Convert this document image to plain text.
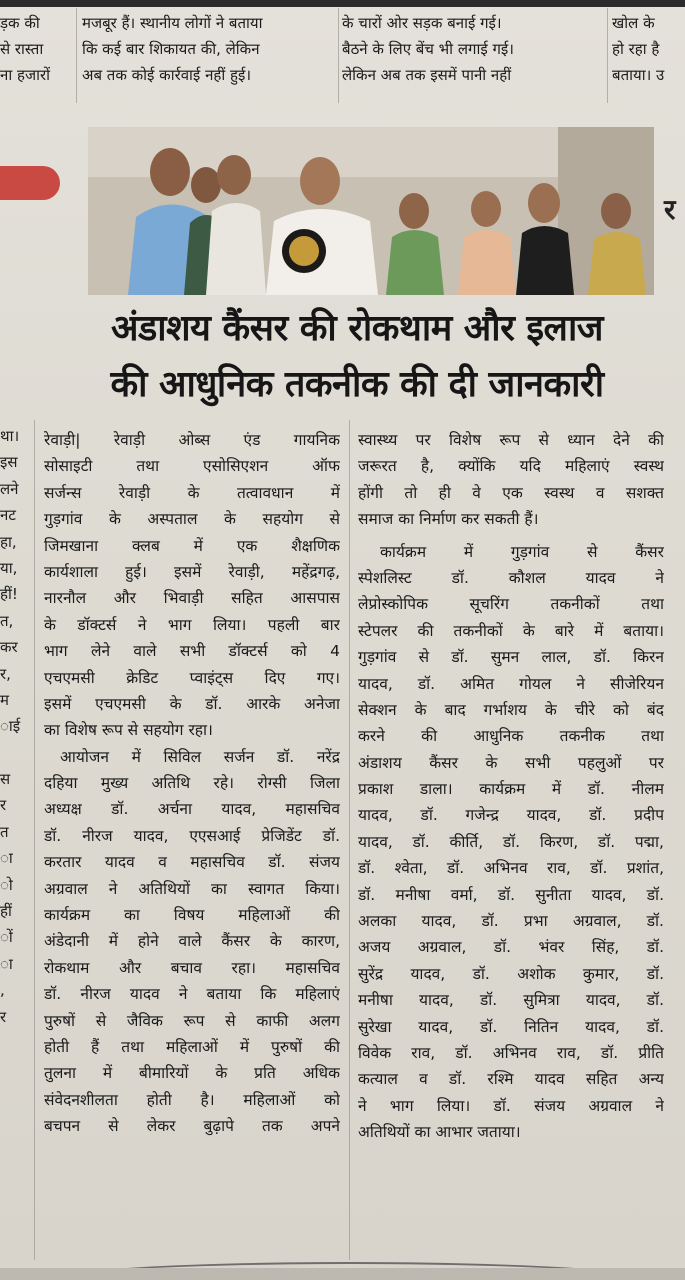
ड़क की
से रास्ता
ना हजारों
मजबूर हैं। स्थानीय लोगों ने बताया
कि कई बार शिकायत की, लेकिन
अब तक कोई कार्रवाई नहीं हुई।
के चारों ओर सड़क बनाई गई।
बैठने के लिए बेंच भी लगाई गई।
लेकिन अब तक इसमें पानी नहीं
खोल के
हो रहा है
बताया। उ
र
अंडाशय कैंसर की रोकथाम और इलाज
की आधुनिक तकनीक की दी जानकारी
था।
इस
लने
नट
हा,
या,
हीं!
त,
कर
र,
म
ाई
स
र
त
ा
ो
हीं
ों
ा
,
र
रेवाड़ी| रेवाड़ी ओब्स एंड गायनिक
सोसाइटी तथा एसोसिएशन ऑफ
सर्जन्स रेवाड़ी के तत्वावधान में
गुड़गांव के अस्पताल के सहयोग से
जिमखाना क्लब में एक शैक्षणिक
कार्यशाला हुई। इसमें रेवाड़ी, महेंद्रगढ़,
नारनौल और भिवाड़ी सहित आसपास
के डॉक्टर्स ने भाग लिया। पहली बार
भाग लेने वाले सभी डॉक्टर्स को 4
एचएमसी क्रेडिट प्वाइंट्स दिए गए।
इसमें एचएमसी के डॉ. आरके अनेजा
का विशेष रूप से सहयोग रहा।
आयोजन में सिविल सर्जन डॉ. नरेंद्र
दहिया मुख्य अतिथि रहे। रोग्सी जिला
अध्यक्ष डॉ. अर्चना यादव, महासचिव
डॉ. नीरज यादव, एएसआई प्रेजिडेंट डॉ.
करतार यादव व महासचिव डॉ. संजय
अग्रवाल ने अतिथियों का स्वागत किया।
कार्यक्रम का विषय महिलाओं की
अंडेदानी में होने वाले कैंसर के कारण,
रोकथाम और बचाव रहा। महासचिव
डॉ. नीरज यादव ने बताया कि महिलाएं
पुरुषों से जैविक रूप से काफी अलग
होती हैं तथा महिलाओं में पुरुषों की
तुलना में बीमारियों के प्रति अधिक
संवेदनशीलता होती है। महिलाओं को
बचपन से लेकर बुढ़ापे तक अपने
स्वास्थ्य पर विशेष रूप से ध्यान देने की
जरूरत है, क्योंकि यदि महिलाएं स्वस्थ
होंगी तो ही वे एक स्वस्थ व सशक्त
समाज का निर्माण कर सकती हैं।
कार्यक्रम में गुड़गांव से कैंसर
स्पेशलिस्ट डॉ. कौशल यादव ने
लेप्रोस्कोपिक सूचरिंग तकनीकों तथा
स्टेपलर की तकनीकों के बारे में बताया।
गुड़गांव से डॉ. सुमन लाल, डॉ. किरन
यादव, डॉ. अमित गोयल ने सीजेरियन
सेक्शन के बाद गर्भाशय के चीरे को बंद
करने की आधुनिक तकनीक तथा
अंडाशय कैंसर के सभी पहलुओं पर
प्रकाश डाला। कार्यक्रम में डॉ. नीलम
यादव, डॉ. गजेन्द्र यादव, डॉ. प्रदीप
यादव, डॉ. कीर्ति, डॉ. किरण, डॉ. पद्मा,
डॉ. श्वेता, डॉ. अभिनव राव, डॉ. प्रशांत,
डॉ. मनीषा वर्मा, डॉ. सुनीता यादव, डॉ.
अलका यादव, डॉ. प्रभा अग्रवाल, डॉ.
अजय अग्रवाल, डॉ. भंवर सिंह, डॉ.
सुरेंद्र यादव, डॉ. अशोक कुमार, डॉ.
मनीषा यादव, डॉ. सुमित्रा यादव, डॉ.
सुरेखा यादव, डॉ. नितिन यादव, डॉ.
विवेक राव, डॉ. अभिनव राव, डॉ. प्रीति
कत्याल व डॉ. रश्मि यादव सहित अन्य
ने भाग लिया। डॉ. संजय अग्रवाल ने
अतिथियों का आभार जताया।
